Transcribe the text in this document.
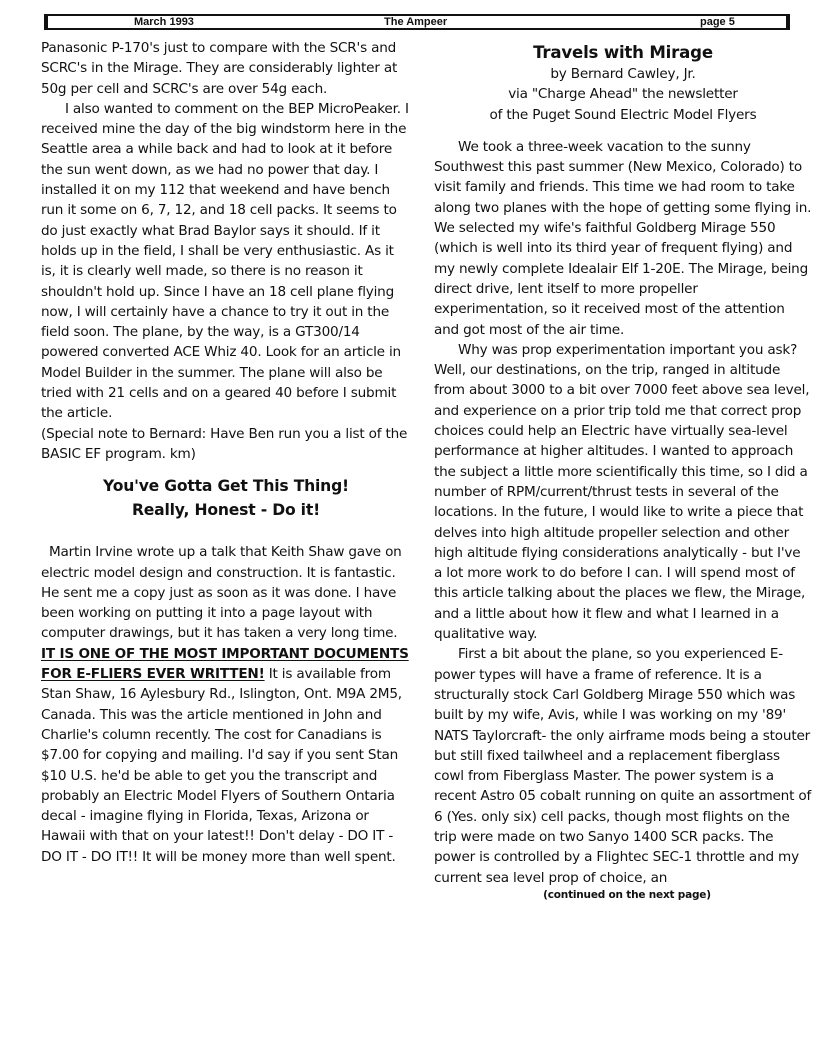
March 1993	The Ampeer	page 5

Panasonic P-170's just to compare with the SCR's and SCRC's in the Mirage. They are considerably lighter at 50g per cell and SCRC's are over 54g each.

I also wanted to comment on the BEP MicroPeaker. I received mine the day of the big windstorm here in the Seattle area a while back and had to look at it before the sun went down, as we had no power that day. I installed it on my 112 that weekend and have bench run it some on 6, 7, 12, and 18 cell packs. It seems to do just exactly what Brad Baylor says it should. If it holds up in the field, I shall be very enthusiastic. As it is, it is clearly well made, so there is no reason it shouldn't hold up. Since I have an 18 cell plane flying now, I will certainly have a chance to try it out in the field soon. The plane, by the way, is a GT300/14 powered converted ACE Whiz 40. Look for an article in Model Builder in the summer. The plane will also be tried with 21 cells and on a geared 40 before I submit the article.

(Special note to Bernard: Have Ben run you a list of the BASIC EF program. km)

You've Gotta Get This Thing!
Really, Honest - Do it!

Martin Irvine wrote up a talk that Keith Shaw gave on electric model design and construction. It is fantastic. He sent me a copy just as soon as it was done. I have been working on putting it into a page layout with computer drawings, but it has taken a very long time. IT IS ONE OF THE MOST IMPORTANT DOCUMENTS FOR E-FLIERS EVER WRITTEN! It is available from Stan Shaw, 16 Aylesbury Rd., Islington, Ont. M9A 2M5, Canada. This was the article mentioned in John and Charlie's column recently. The cost for Canadians is $7.00 for copying and mailing. I'd say if you sent Stan $10 U.S. he'd be able to get you the transcript and probably an Electric Model Flyers of Southern Ontaria decal - imagine flying in Florida, Texas, Arizona or Hawaii with that on your latest!! Don't delay - DO IT - DO IT - DO IT!! It will be money more than well spent.

Travels with Mirage
by Bernard Cawley, Jr.
via "Charge Ahead" the newsletter
of the Puget Sound Electric Model Flyers

We took a three-week vacation to the sunny Southwest this past summer (New Mexico, Colorado) to visit family and friends. This time we had room to take along two planes with the hope of getting some flying in. We selected my wife's faithful Goldberg Mirage 550 (which is well into its third year of frequent flying) and my newly complete Idealair Elf 1-20E. The Mirage, being direct drive, lent itself to more propeller experimentation, so it received most of the attention and got most of the air time.

Why was prop experimentation important you ask? Well, our destinations, on the trip, ranged in altitude from about 3000 to a bit over 7000 feet above sea level, and experience on a prior trip told me that correct prop choices could help an Electric have virtually sea-level performance at higher altitudes. I wanted to approach the subject a little more scientifically this time, so I did a number of RPM/current/thrust tests in several of the locations. In the future, I would like to write a piece that delves into high altitude propeller selection and other high altitude flying considerations analytically - but I've a lot more work to do before I can. I will spend most of this article talking about the places we flew, the Mirage, and a little about how it flew and what I learned in a qualitative way.

First a bit about the plane, so you experienced E-power types will have a frame of reference. It is a structurally stock Carl Goldberg Mirage 550 which was built by my wife, Avis, while I was working on my '89' NATS Taylorcraft- the only airframe mods being a stouter but still fixed tailwheel and a replacement fiberglass cowl from Fiberglass Master. The power system is a recent Astro 05 cobalt running on quite an assortment of 6 (Yes. only six) cell packs, though most flights on the trip were made on two Sanyo 1400 SCR packs. The power is controlled by a Flightec SEC-1 throttle and my current sea level prop of choice, an

(continued on the next page)
